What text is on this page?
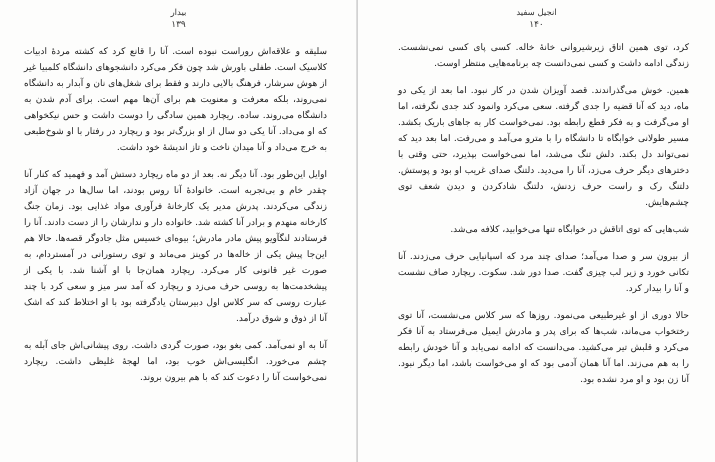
بیدار
۱۳۹

سلیقه و علاقه‌اش روراست نبوده است. آنا را قانع کرد که کشته مردهٔ ادبیات کلاسیک است. طفلی باورش شد چون فکر می‌کرد دانشجوهای دانشگاه کلمبیا غیر از هوش سرشار، فرهنگ بالایی دارند و فقط برای شغل‌های نان و آبدار به دانشگاه نمی‌روند، بلکه معرفت و معنویت هم برای آن‌ها مهم است. برای آدم شدن به دانشگاه می‌روند. ساده. ریچارد همین سادگی را دوست داشت و حس نیکخواهی که او می‌داد. آنا یکی دو سال از او بزرگ‌تر بود و ریچارد در رفتار با او شوخ‌طبعی به خرج می‌داد و آنا میدان ناخت و تاز اندیشهٔ خود داشت.

اوایل این‌طور بود. آنا دیگر نه. بعد از دو ماه ریچارد دستش آمد و فهمید که کنار آنا چقدر خام و بی‌تجربه است. خانوادهٔ آنا روس بودند، اما سال‌ها در جهان آزاد زندگی می‌کردند. پدرش مدیر یک کارخانهٔ فرآوری مواد غذایی بود. زمان جنگ کارخانه منهدم و برادر آنا کشته شد. خانواده دار و ندارشان را از دست دادند. آنا را فرستادند لنگآویو پیش مادر مادرش؛ بیوه‌ای خسیس مثل جادوگر قصه‌ها. حالا هم این‌جا پیش یکی از خاله‌ها در کوینز می‌ماند و توی رستورانی در آمستردام، به صورت غیر قانونی کار می‌کرد. ریچارد همان‌جا با او آشنا شد. با یکی از پیشخدمت‌ها به روسی حرف می‌زد و ریچارد که آمد سر میز و سعی کرد با چند عبارت روسی که سر کلاس اول دبیرستان یادگرفته بود با او اختلاط کند که اشک آنا از ذوق و شوق درآمد.

آنا به او نمی‌آمد. کمی بغو بود، صورت گردی داشت. روی پیشانی‌اش جای آبله به چشم می‌خورد. انگلیسی‌اش خوب بود، اما لهجهٔ غلیظی داشت. ریچارد نمی‌خواست آنا را دعوت کند که با هم بیرون بروند.

انجیل سفید
۱۴۰

کرد، توی همین اتاق زیرشیروانی خانهٔ خاله. کسی پای کسی نمی‌نشست. زندگی ادامه داشت و کسی نمی‌دانست چه برنامه‌هایی منتظر اوست.

همین. خوش می‌گذراندند. قصد آویزان شدن در کار نبود. اما بعد از یکی دو ماه، دید که آنا قضیه را جدی گرفته. سعی می‌کرد وانمود کند جدی نگرفته، اما او می‌گرفت و به فکر قطع رابطه بود. نمی‌خواست کار به جاهای باریک بکشد. مسیر طولانی خوابگاه تا دانشگاه را با مترو می‌آمد و می‌رفت. اما بعد دید که نمی‌تواند دل بکند. دلش تنگ می‌شد، اما نمی‌خواست بپذیرد، حتی وقتی با دخترهای دیگر حرف می‌زد، آنا را می‌دید. دلتنگ صدای غریب او بود و پوستش. دلتنگ رک و راست حرف زدنش، دلتنگ شادکردن و دیدن شعف توی چشم‌هایش.

شب‌هایی که توی اتاقش در خوابگاه تنها می‌خوابید، کلافه می‌شد.

از بیرون سر و صدا می‌آمد؛ صدای چند مرد که اسپانیایی حرف می‌زدند. آنا تکانی خورد و زیر لب چیزی گفت. صدا دور شد. سکوت. ریچارد صاف نشست و آنا را بیدار کرد.

حالا دوری از او غیرطبیعی می‌نمود. روزها که سر کلاس می‌نشست، آنا توی رختخواب می‌ماند، شب‌ها که برای پدر و مادرش ایمیل می‌فرستاد به آنا فکر می‌کرد و قلبش تیر می‌کشید. می‌دانست که ادامه نمی‌یابد و آنا خودش رابطه را به هم می‌زند. اما آنا همان آدمی بود که او می‌خواست باشد، اما دیگر نبود. آنا زن بود و او مرد نشده بود.
